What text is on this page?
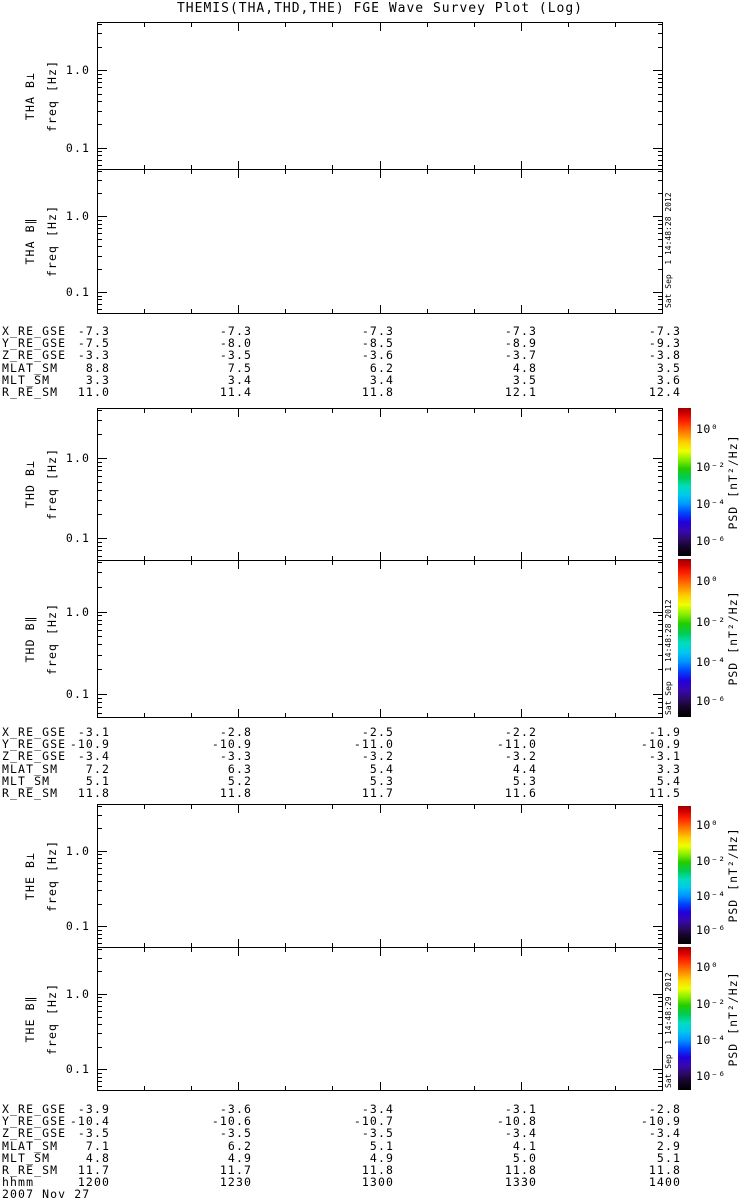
THEMIS(THA,THD,THE) FGE Wave Survey Plot (Log)
2007 Nov 27
THA B⊥ freq [Hz] 1.0
0.1
THA B∥ freq [Hz] 1.0
0.1
THD B⊥ freq [Hz] 1.0
0.1
THD B∥ freq [Hz] 1.0
0.1
THE B⊥ freq [Hz] 1.0
0.1
THE B∥ freq [Hz] 1.0
0.1
10⁰
10⁻²
10⁻⁴
10⁻⁶
PSD [nT²/Hz]
10⁰
10⁻²
10⁻⁴
10⁻⁶
PSD [nT²/Hz]
10⁰
10⁻²
10⁻⁴
10⁻⁶
PSD [nT²/Hz]
10⁰
10⁻²
10⁻⁴
10⁻⁶
PSD [nT²/Hz]
Sat Sep  1 14:48:28 2012
Sat Sep  1 14:48:28 2012
Sat Sep  1 14:48:29 2012
X_RE_GSE	-7.3	-7.3	-7.3	-7.3	-7.3
Y_RE_GSE	-7.5	-8.0	-8.5	-8.9	-9.3
Z_RE_GSE	-3.3	-3.5	-3.6	-3.7	-3.8
MLAT_SM	8.8	7.5	6.2	4.8	3.5
MLT_SM	3.3	3.4	3.4	3.5	3.6
R_RE_SM	11.0	11.4	11.8	12.1	12.4
X_RE_GSE	-3.1	-2.8	-2.5	-2.2	-1.9
Y_RE_GSE -10.9	-10.9	-11.0	-11.0	-10.9
Z_RE_GSE	-3.4	-3.3	-3.2	-3.2	-3.1
MLAT_SM	7.2	6.3	5.4	4.4	3.3
MLT_SM	5.1	5.2	5.3	5.3	5.4
R_RE_SM	11.8	11.8	11.7	11.6	11.5
X_RE_GSE	-3.9	-3.6	-3.4	-3.1	-2.8
Y_RE_GSE -10.4	-10.6	-10.7	-10.8	-10.9
Z_RE_GSE	-3.5	-3.5	-3.5	-3.4	-3.4
MLAT_SM	7.1	6.2	5.1	4.1	2.9
MLT_SM	4.8	4.9	4.9	5.0	5.1
R_RE_SM	11.7	11.7	11.8	11.8	11.8
hhmm	1200	1230	1300	1330	1400
